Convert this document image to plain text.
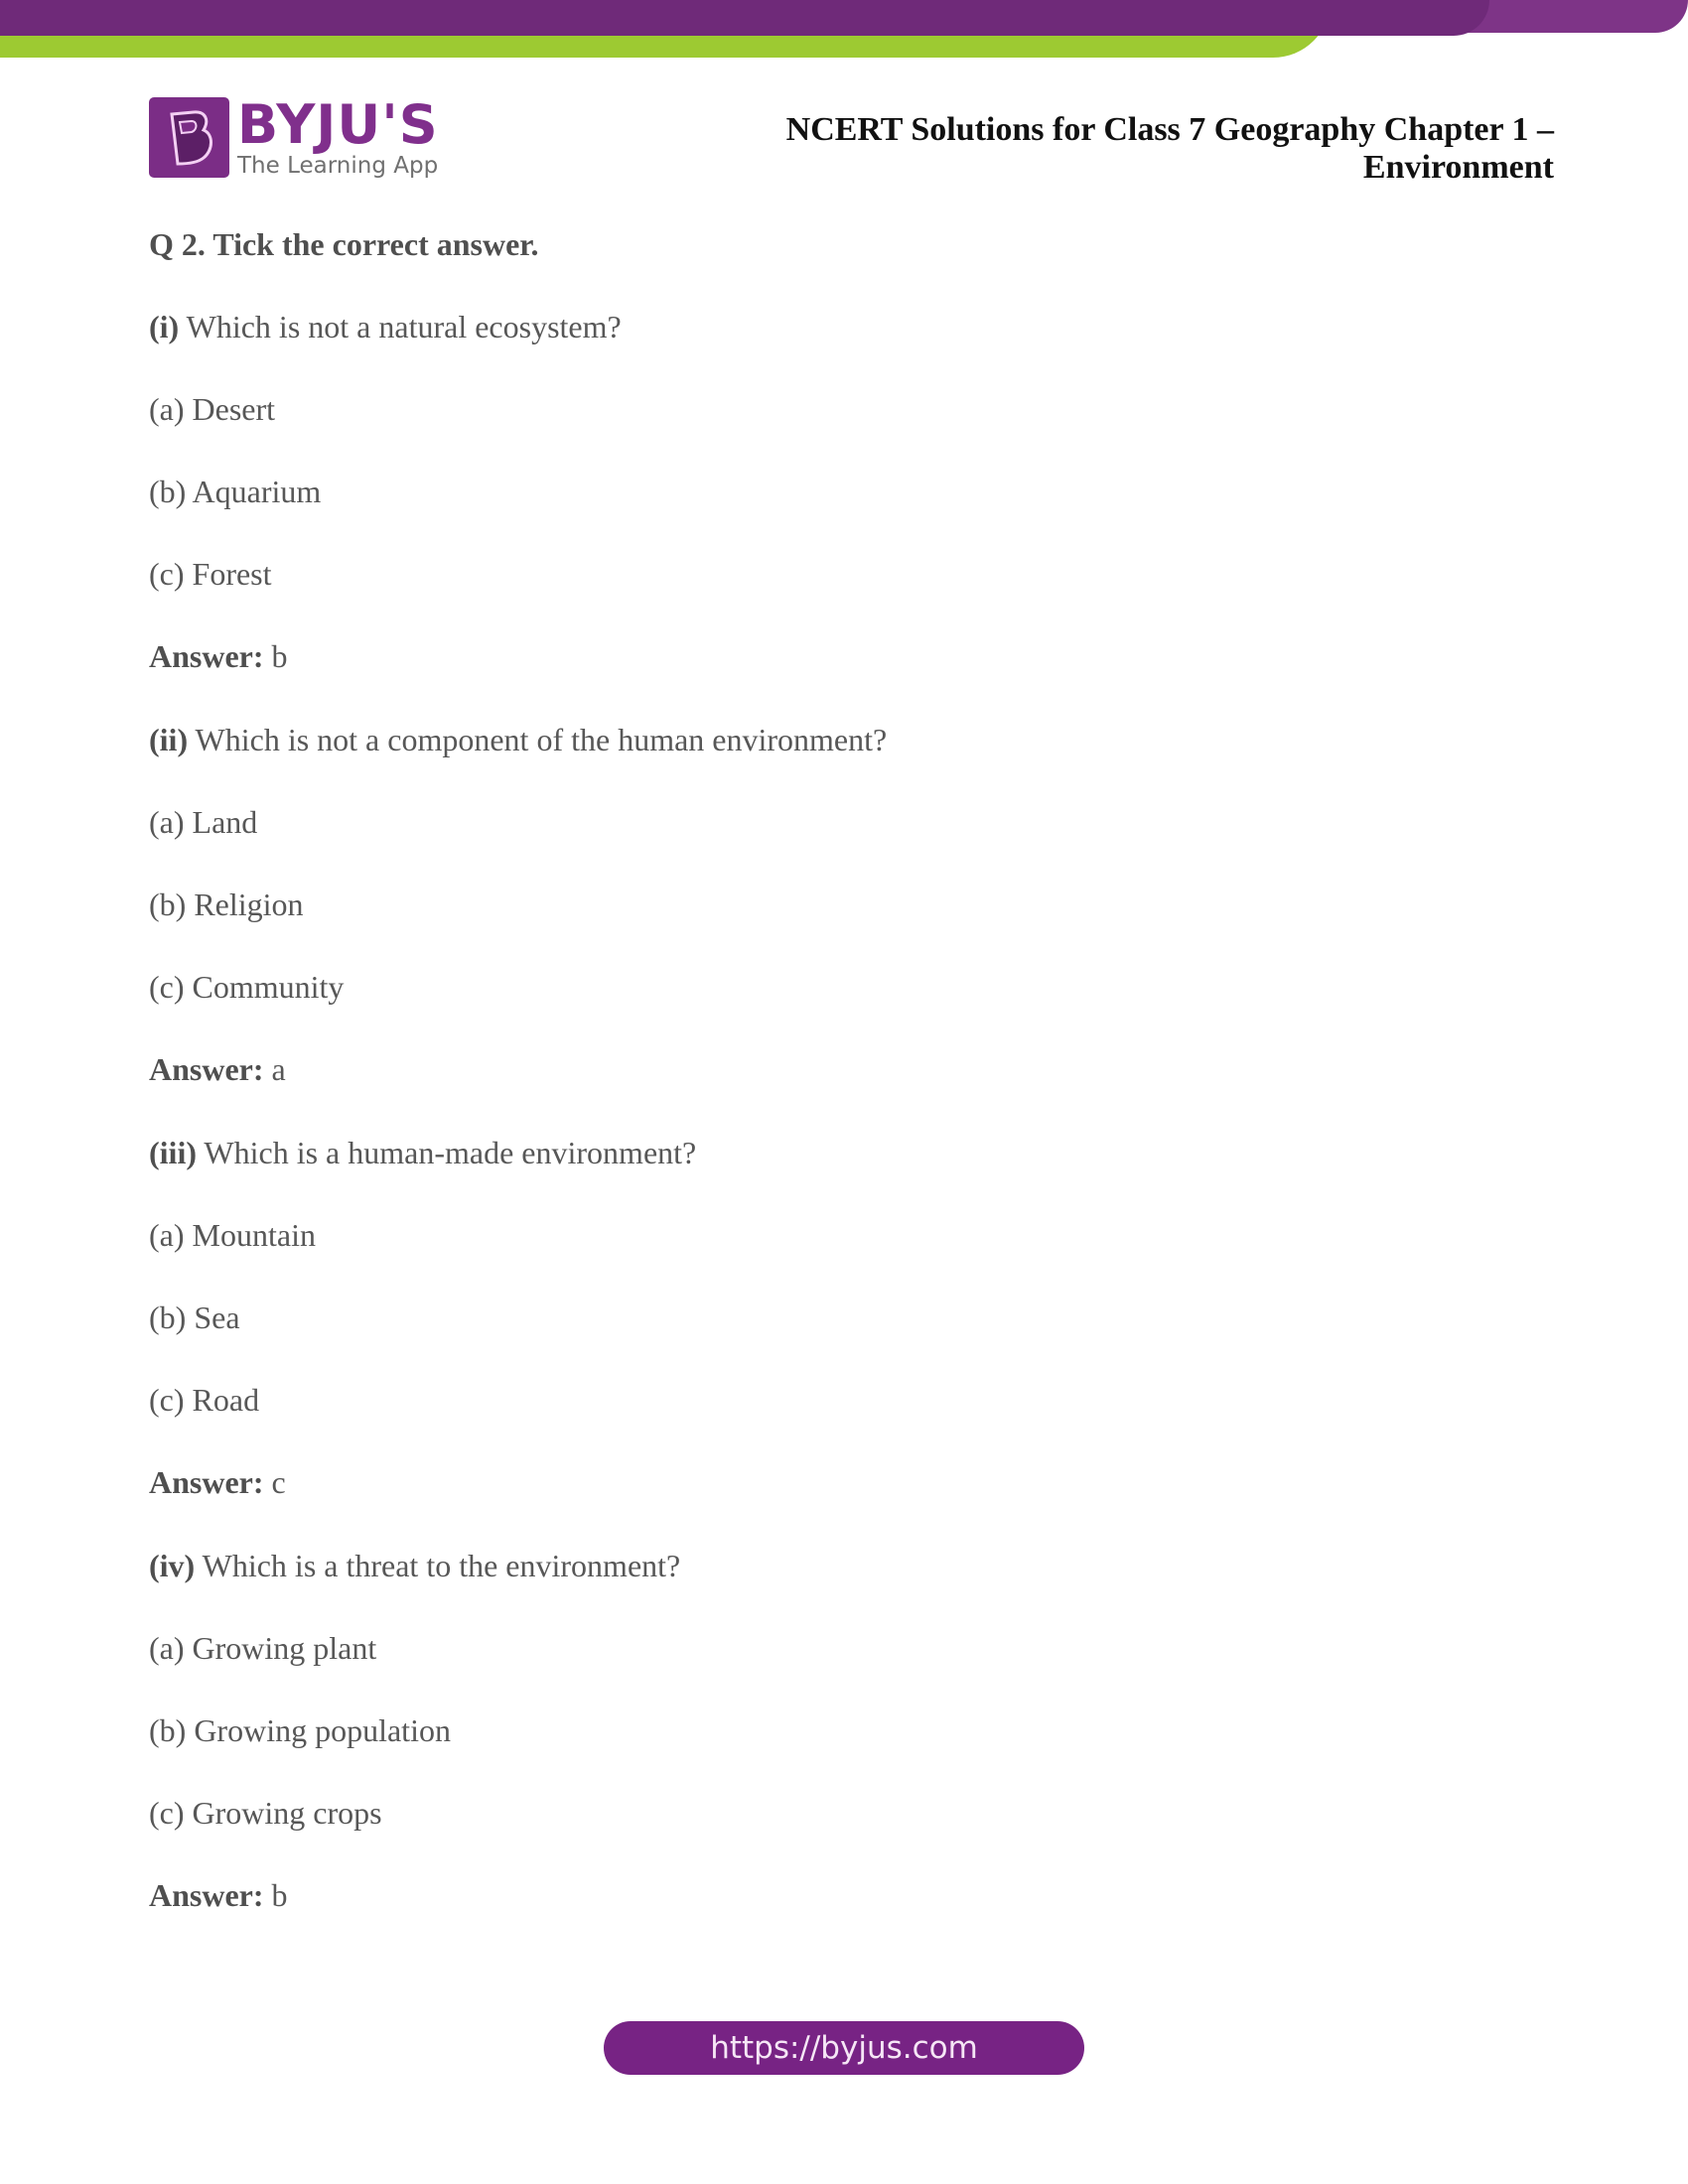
BYJU'S
The Learning App
NCERT Solutions for Class 7 Geography Chapter 1 –
Environment
Q 2. Tick the correct answer.
(i) Which is not a natural ecosystem?
(a) Desert
(b) Aquarium
(c) Forest
Answer: b
(ii) Which is not a component of the human environment?
(a) Land
(b) Religion
(c) Community
Answer: a
(iii) Which is a human-made environment?
(a) Mountain
(b) Sea
(c) Road
Answer: c
(iv) Which is a threat to the environment?
(a) Growing plant
(b) Growing population
(c) Growing crops
Answer: b
https://byjus.com
